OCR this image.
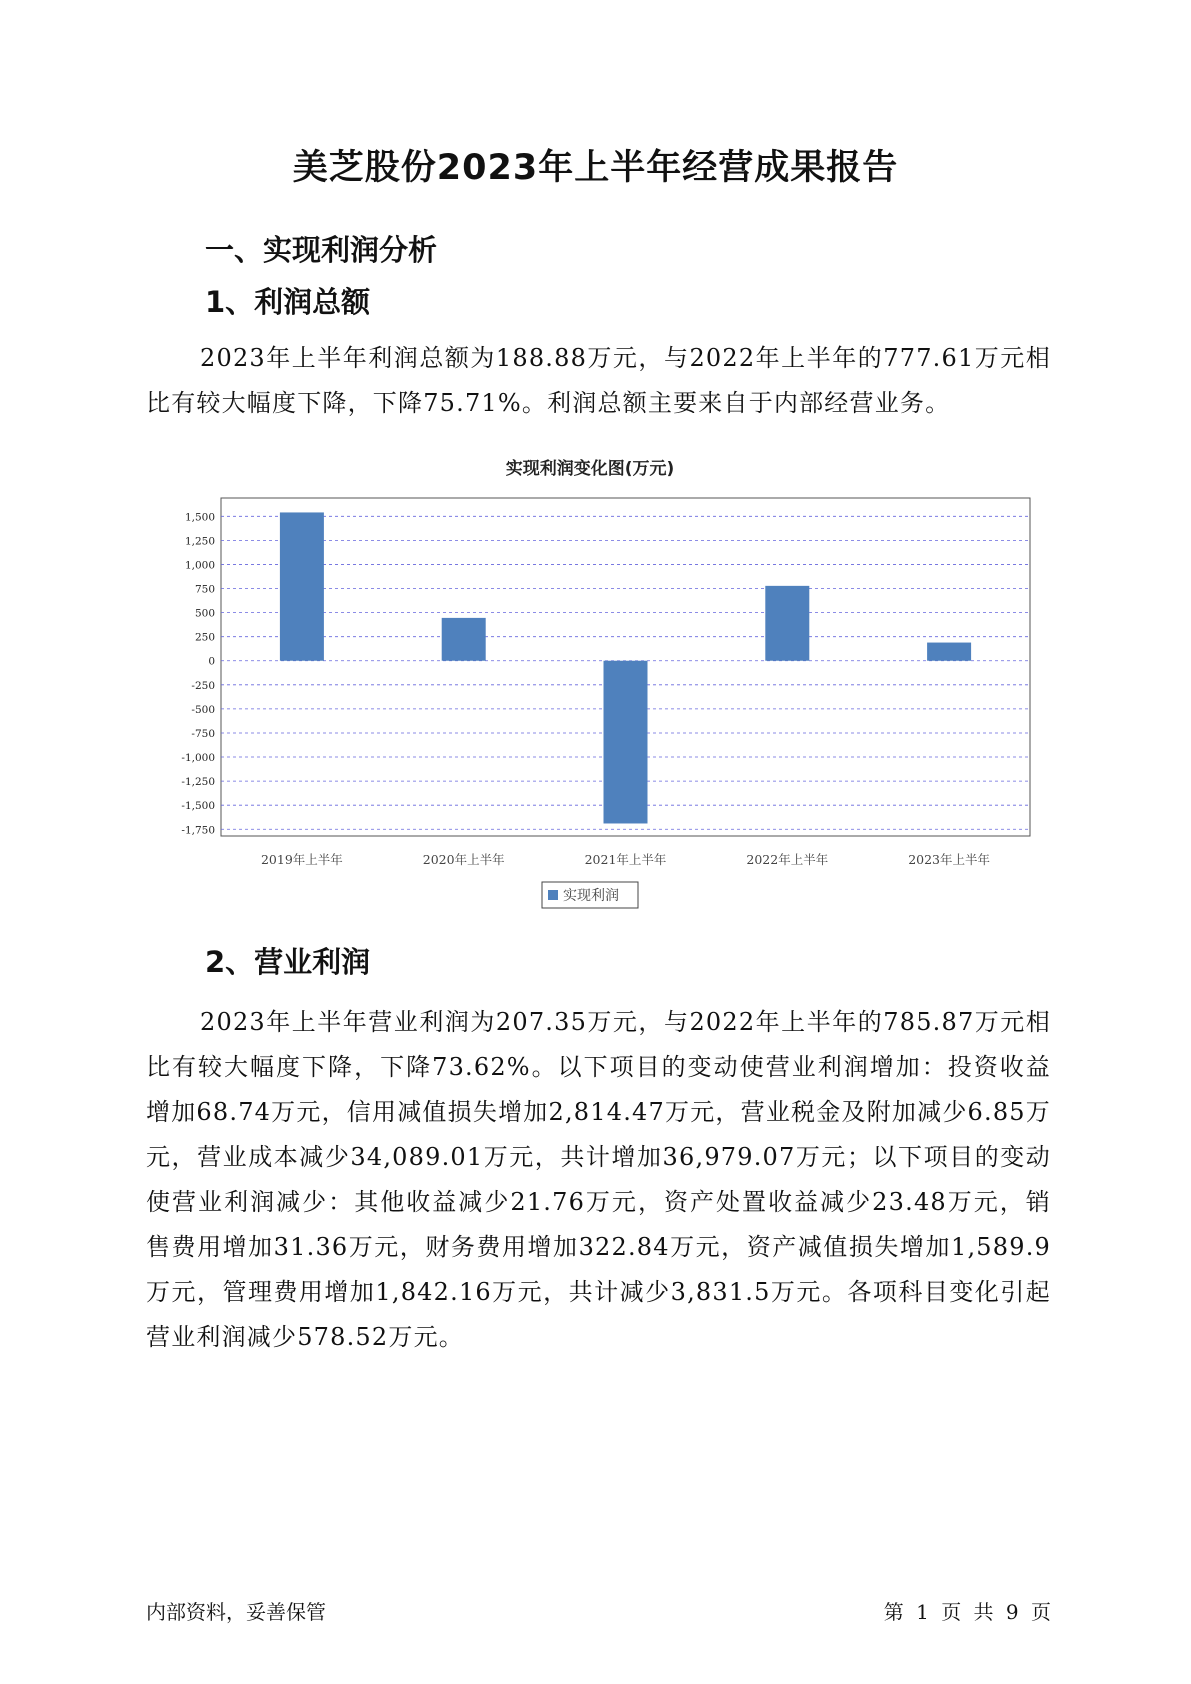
美芝股份2023年上半年经营成果报告
一、实现利润分析
1、利润总额

2023年上半年利润总额为188.88万元，与2022年上半年的777.61万元相比有较大幅度下降，下降75.71%。利润总额主要来自于内部经营业务。

实现利润变化图(万元)
1,500
1,250
1,000
750
500
250
0
-250
-500
-750
-1,000
-1,250
-1,500
-1,750
2019年上半年	2020年上半年	2021年上半年	2022年上半年	2023年上半年
实现利润
2、营业利润

2023年上半年营业利润为207.35万元，与2022年上半年的785.87万元相比有较大幅度下降，下降73.62%。以下项目的变动使营业利润增加：投资收益增加68.74万元，信用减值损失增加2,814.47万元，营业税金及附加减少6.85万元，营业成本减少34,089.01万元，共计增加36,979.07万元；以下项目的变动使营业利润减少：其他收益减少21.76万元，资产处置收益减少23.48万元，销售费用增加31.36万元，财务费用增加322.84万元，资产减值损失增加1,589.9万元，管理费用增加1,842.16万元，共计减少3,831.5万元。各项科目变化引起营业利润减少578.52万元。

内部资料，妥善保管	第 1 页 共 9 页
